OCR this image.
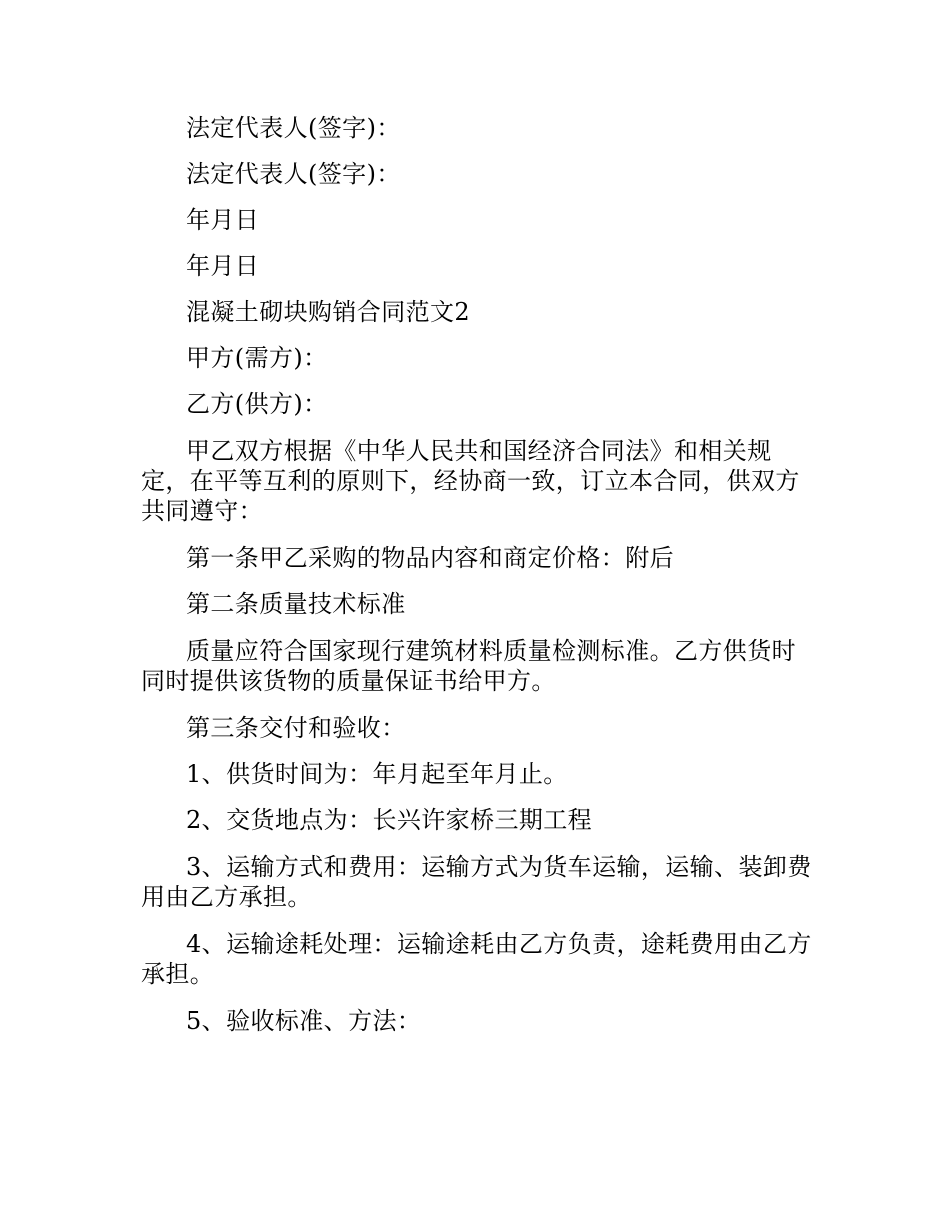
法定代表人(签字)：

法定代表人(签字)：

年月日

年月日

混凝土砌块购销合同范文2

甲方(需方)：

乙方(供方)：

甲乙双方根据《中华人民共和国经济合同法》和相关规定，在平等互利的原则下，经协商一致，订立本合同，供双方共同遵守：

第一条甲乙采购的物品内容和商定价格：附后

第二条质量技术标准

质量应符合国家现行建筑材料质量检测标准。乙方供货时同时提供该货物的质量保证书给甲方。

第三条交付和验收：

1、供货时间为：年月起至年月止。

2、交货地点为：长兴许家桥三期工程

3、运输方式和费用：运输方式为货车运输，运输、装卸费用由乙方承担。

4、运输途耗处理：运输途耗由乙方负责，途耗费用由乙方承担。

5、验收标准、方法：
